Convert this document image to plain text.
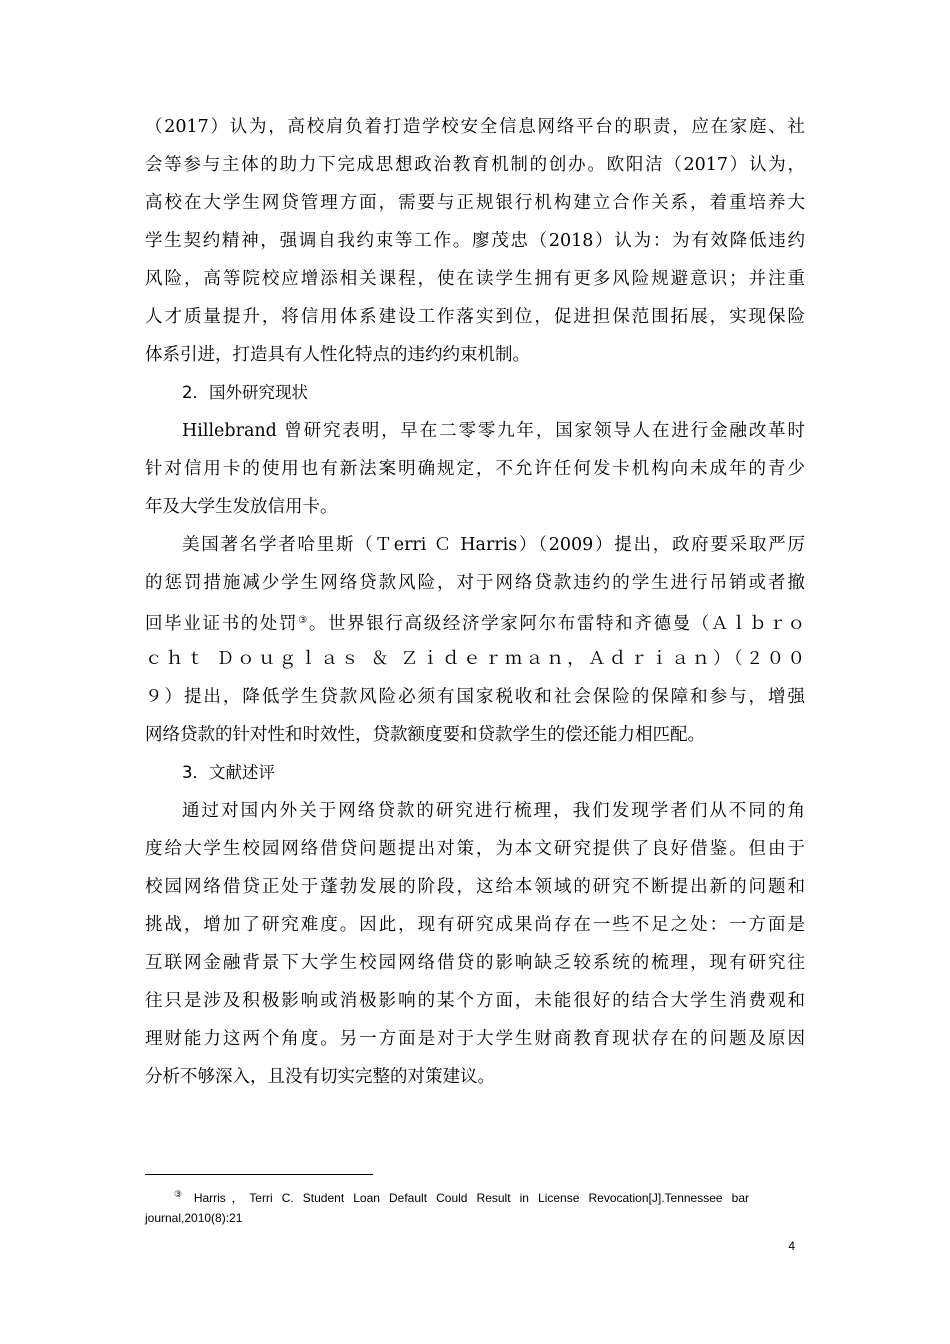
（2017）认为，高校肩负着打造学校安全信息网络平台的职责，应在家庭、社
会等参与主体的助力下完成思想政治教育机制的创办。欧阳洁（2017）认为，
高校在大学生网贷管理方面，需要与正规银行机构建立合作关系，着重培养大
学生契约精神，强调自我约束等工作。廖茂忠（2018）认为：为有效降低违约
风险，高等院校应增添相关课程，使在读学生拥有更多风险规避意识；并注重
人才质量提升，将信用体系建设工作落实到位，促进担保范围拓展，实现保险
体系引进，打造具有人性化特点的违约约束机制。
2．国外研究现状
Hillebrand 曾研究表明，早在二零零九年，国家领导人在进行金融改革时
针对信用卡的使用也有新法案明确规定，不允许任何发卡机构向未成年的青少
年及大学生发放信用卡。
美国著名学者哈里斯（Ｔerri Ｃ Harris）（2009）提出，政府要采取严厉
的惩罚措施减少学生网络贷款风险，对于网络贷款违约的学生进行吊销或者撤
回毕业证书的处罚③。世界银行高级经济学家阿尔布雷特和齐德曼（Ａｌｂｒｏ
ｃｈｔ Ｄｏｕｇｌａｓ ＆ Ｚｉｄｅｒｍａｎ，Ａｄｒｉａｎ）（２００
９）提出，降低学生贷款风险必须有国家税收和社会保险的保障和参与，增强
网络贷款的针对性和时效性，贷款额度要和贷款学生的偿还能力相匹配。
3．文献述评
通过对国内外关于网络贷款的研究进行梳理，我们发现学者们从不同的角
度给大学生校园网络借贷问题提出对策，为本文研究提供了良好借鉴。但由于
校园网络借贷正处于蓬勃发展的阶段，这给本领域的研究不断提出新的问题和
挑战，增加了研究难度。因此，现有研究成果尚存在一些不足之处：一方面是
互联网金融背景下大学生校园网络借贷的影响缺乏较系统的梳理，现有研究往
往只是涉及积极影响或消极影响的某个方面，未能很好的结合大学生消费观和
理财能力这两个角度。另一方面是对于大学生财商教育现状存在的问题及原因
分析不够深入，且没有切实完整的对策建议。
③ Harris，Terri C. Student Loan Default Could Result in License Revocation[J].Tennessee bar
journal,2010(8):21
4
